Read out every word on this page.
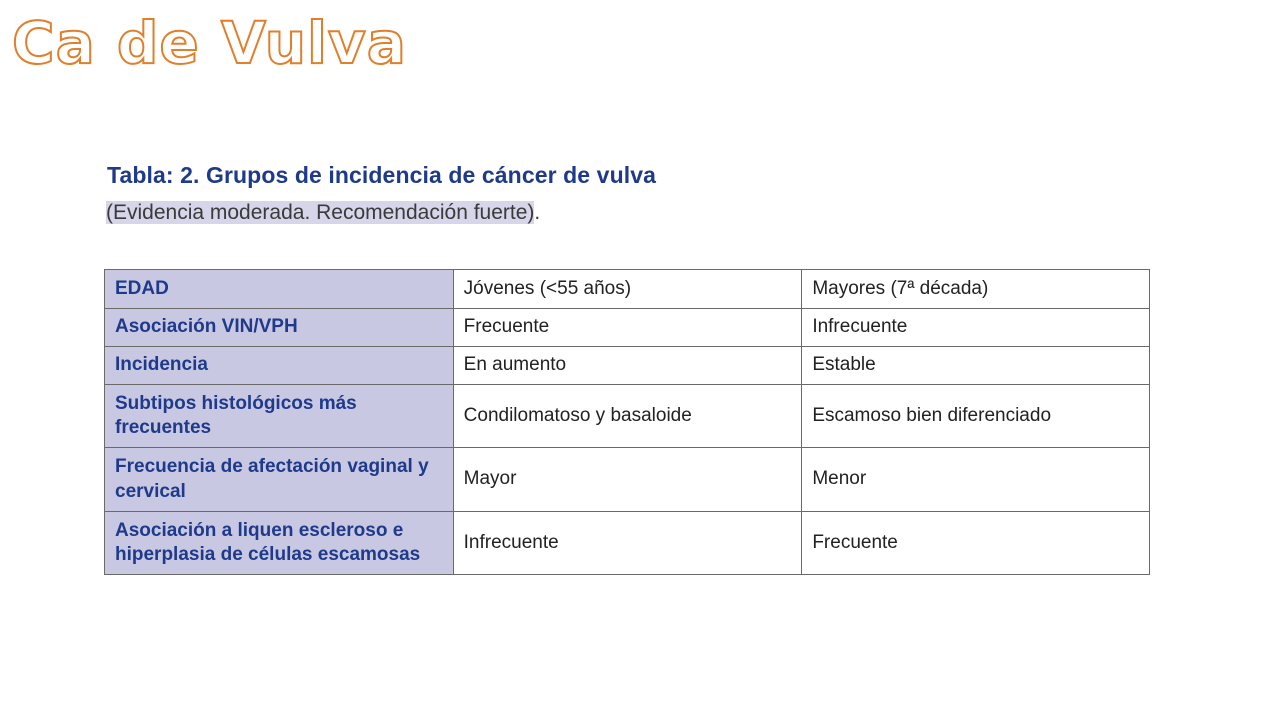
Ca de Vulva

Tabla: 2. Grupos de incidencia de cáncer de vulva

(Evidencia moderada. Recomendación fuerte).

EDAD	Jóvenes (<55 años)	Mayores (7ª década)
Asociación VIN/VPH	Frecuente	Infrecuente
Incidencia	En aumento	Estable
Subtipos histológicos más frecuentes	Condilomatoso y basaloide	Escamoso bien diferenciado
Frecuencia de afectación vaginal y cervical	Mayor	Menor
Asociación a liquen escleroso e hiperplasia de células escamosas	Infrecuente	Frecuente
